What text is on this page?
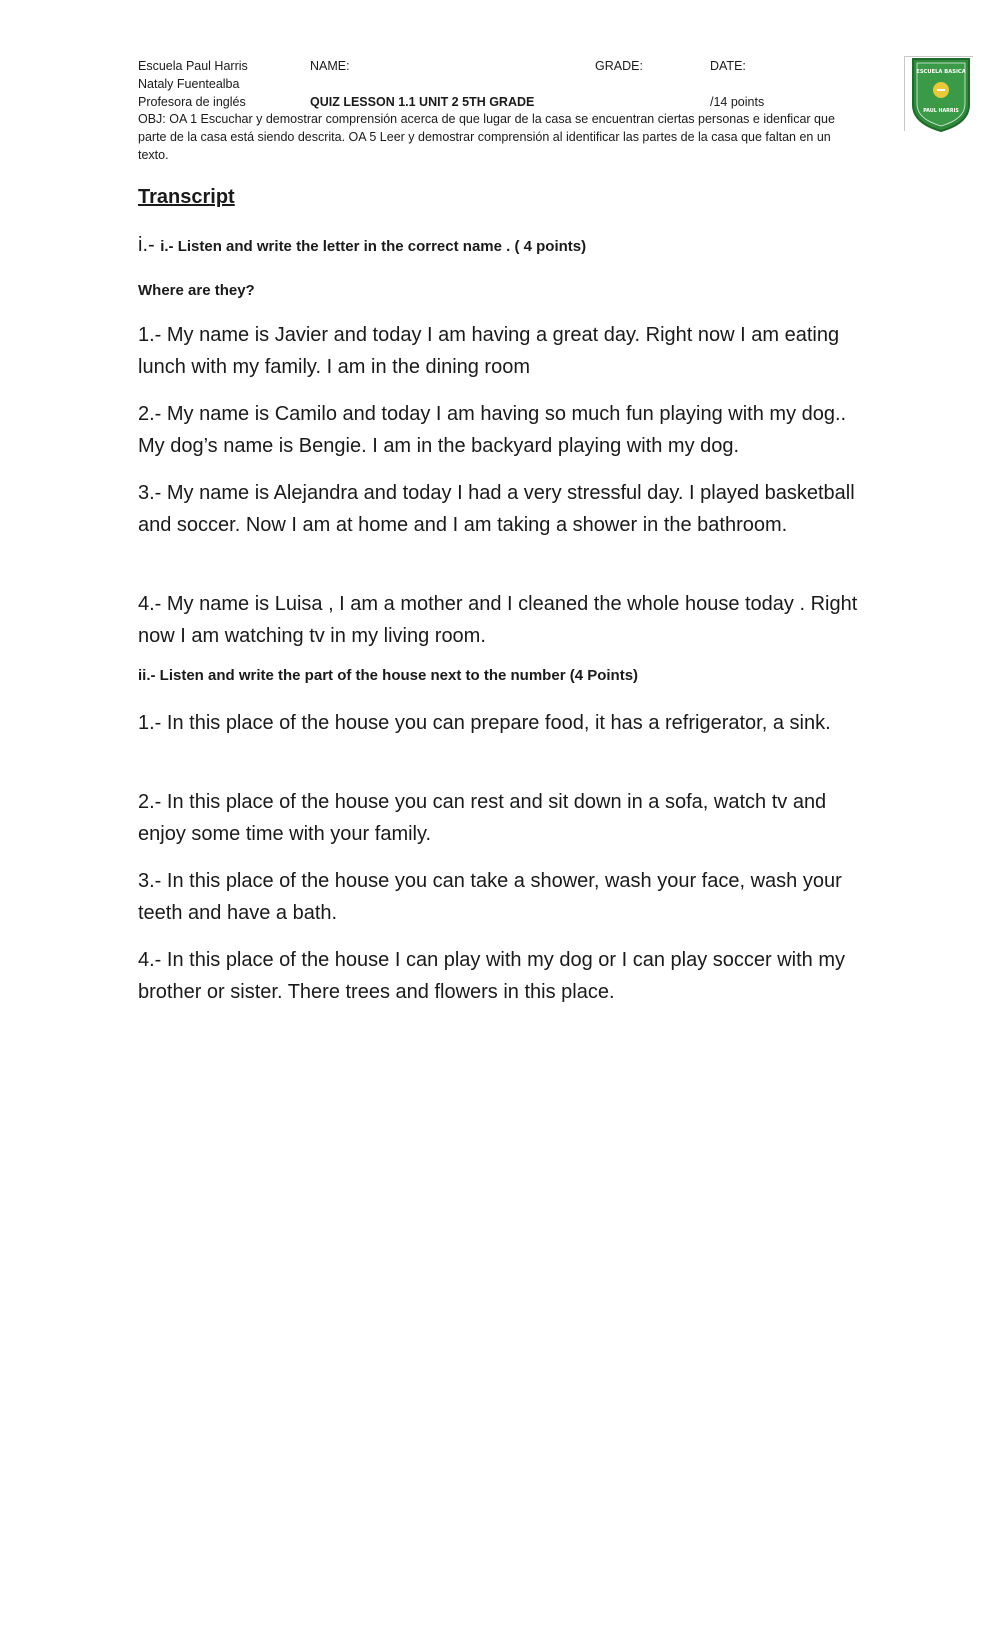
Escuela Paul Harris	NAME:	GRADE:	DATE:
Nataly Fuentealba
Profesora de inglés	QUIZ LESSON 1.1 UNIT 2 5TH GRADE	/14 points
OBJ: OA 1 Escuchar y demostrar comprensión acerca de que lugar de la casa se encuentran ciertas personas e idenficar que parte de la casa está siendo descrita. OA 5 Leer y demostrar comprensión al identificar las partes de la casa que faltan en un texto.
ESCUELA BASICA
PAUL HARRIS
Transcript
i.- i.- Listen and write the letter in the correct name . ( 4 points)
Where are they?

1.- My name is Javier and today I am having a great day. Right now I am eating lunch with my family. I am in the dining room

2.- My name is Camilo and today I am having so much fun playing with my dog.. My dog’s name is Bengie. I am in the backyard playing with my dog.

3.- My name is Alejandra and today I had a very stressful day. I played basketball and soccer. Now I am at home and I am taking a shower in the bathroom.

4.- My name is Luisa , I am a mother and I cleaned the whole house today . Right now I am watching tv in my living room.

ii.- Listen and write the part of the house next to the number (4 Points)

1.- In this place of the house you can prepare food, it has a refrigerator, a sink.

2.- In this place of the house you can rest and sit down in a sofa, watch tv and enjoy some time with your family.

3.- In this place of the house you can take a shower, wash your face, wash your teeth and have a bath.

4.- In this place of the house I can play with my dog or I can play soccer with my brother or sister. There trees and flowers in this place.
